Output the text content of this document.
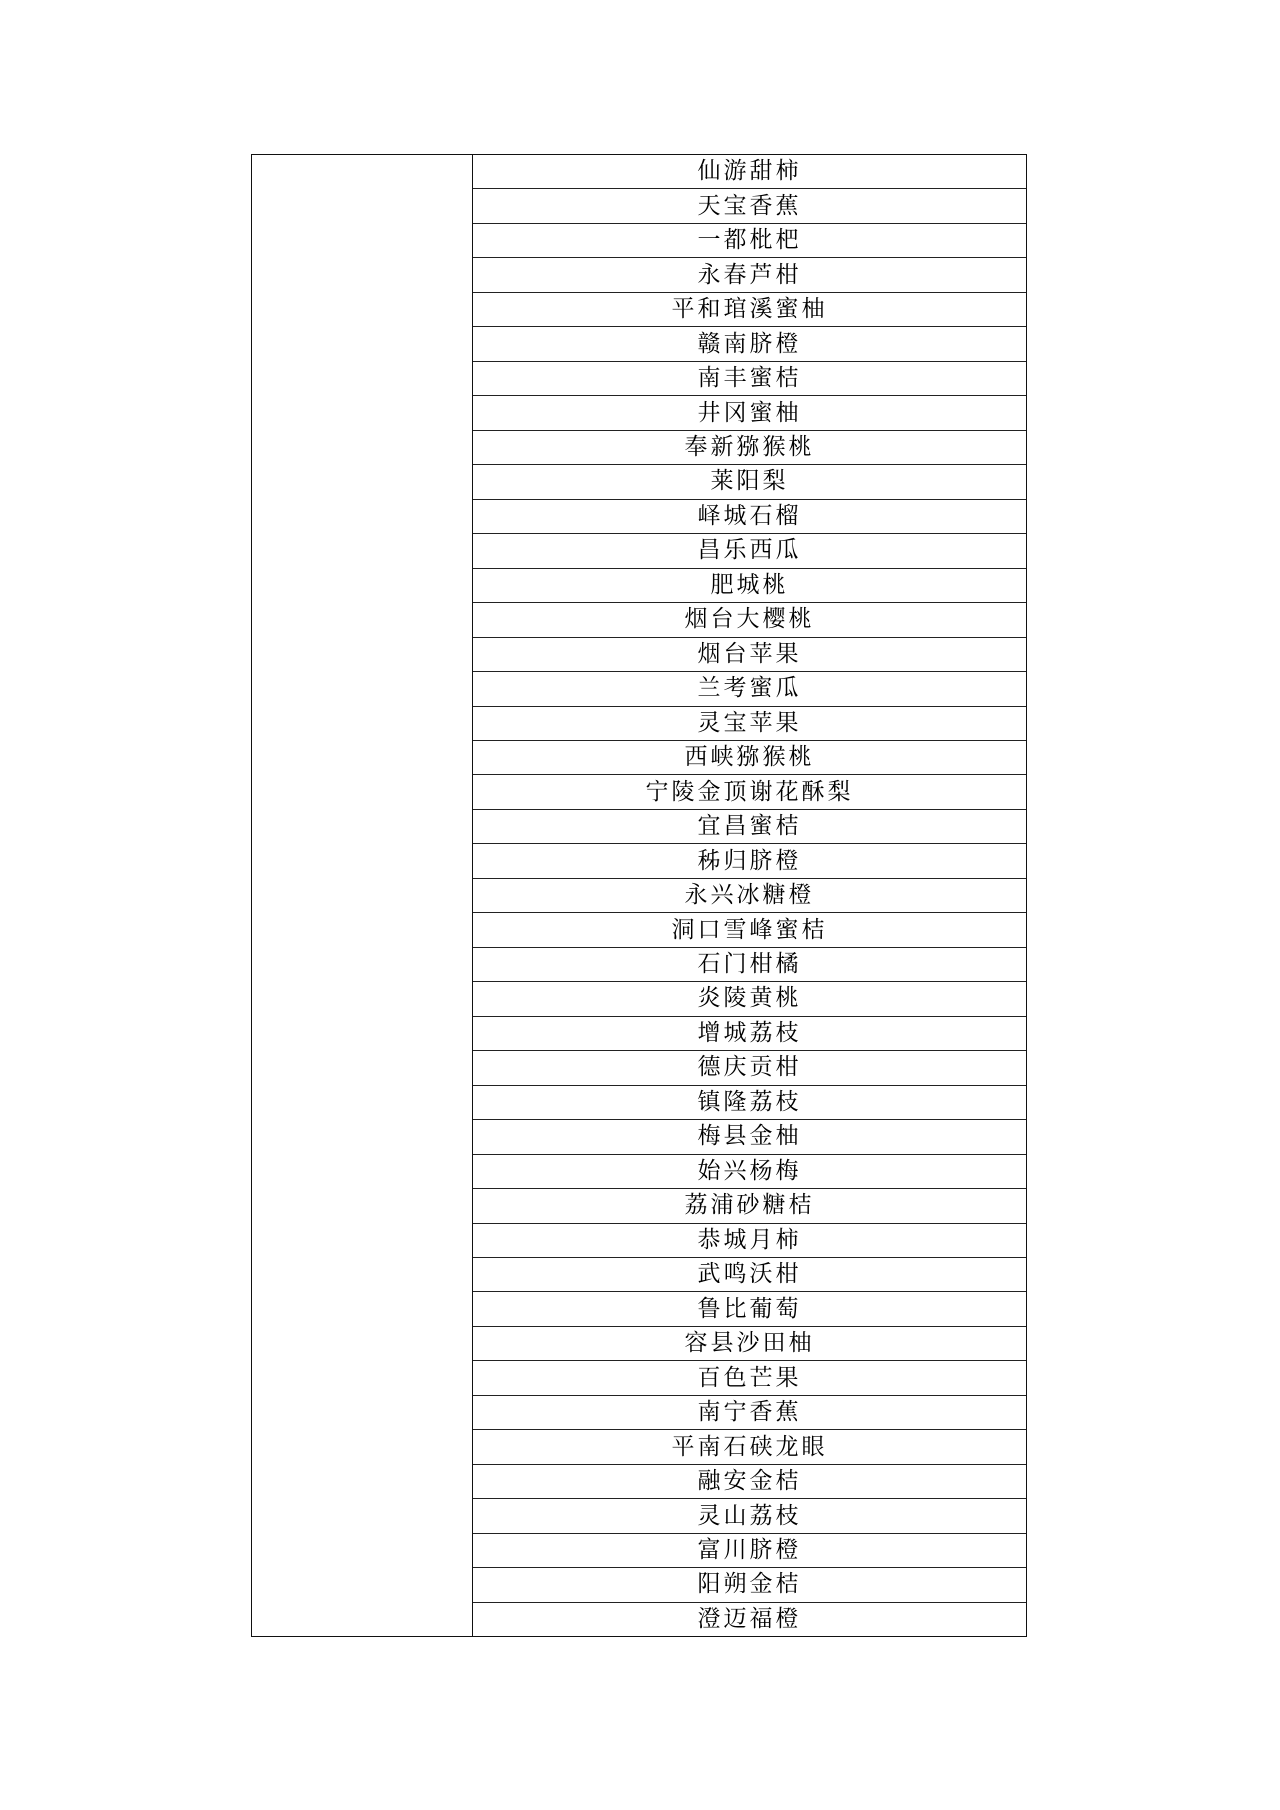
仙游甜柿
天宝香蕉
一都枇杷
永春芦柑
平和琯溪蜜柚
赣南脐橙
南丰蜜桔
井冈蜜柚
奉新猕猴桃
莱阳梨
峄城石榴
昌乐西瓜
肥城桃
烟台大樱桃
烟台苹果
兰考蜜瓜
灵宝苹果
西峡猕猴桃
宁陵金顶谢花酥梨
宜昌蜜桔
秭归脐橙
永兴冰糖橙
洞口雪峰蜜桔
石门柑橘
炎陵黄桃
增城荔枝
德庆贡柑
镇隆荔枝
梅县金柚
始兴杨梅
荔浦砂糖桔
恭城月柿
武鸣沃柑
鲁比葡萄
容县沙田柚
百色芒果
南宁香蕉
平南石硖龙眼
融安金桔
灵山荔枝
富川脐橙
阳朔金桔
澄迈福橙
